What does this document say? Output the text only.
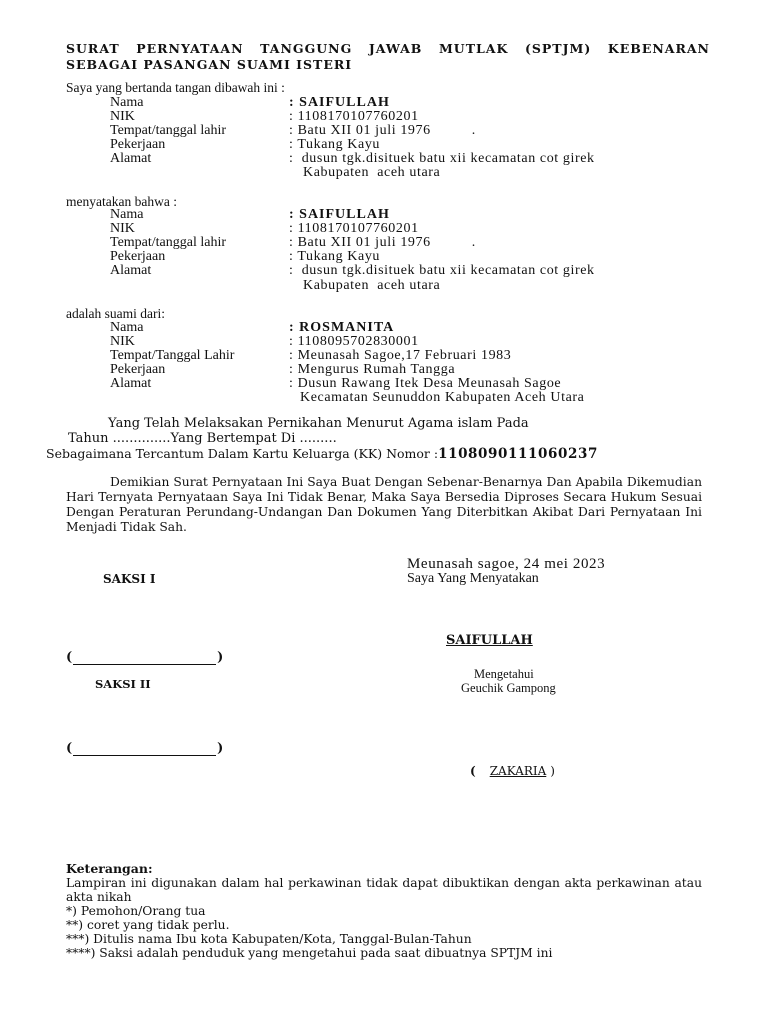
SURAT PERNYATAAN TANGGUNG JAWAB MUTLAK (SPTJM) KEBENARAN SEBAGAI PASANGAN SUAMI ISTERI
Saya yang bertanda tangan dibawah ini :
Nama	: SAIFULLAH
NIK	: 1108170107760201
Tempat/tanggal lahir	: Batu XII 01 juli 1976          .
Pekerjaan	: Tukang Kayu
Alamat	:  dusun tgk.disituek batu xii kecamatan cot girek
Kabupaten  aceh utara
menyatakan bahwa :
Nama	: SAIFULLAH
NIK	: 1108170107760201
Tempat/tanggal lahir	: Batu XII 01 juli 1976          .
Pekerjaan	: Tukang Kayu
Alamat	:  dusun tgk.disituek batu xii kecamatan cot girek
Kabupaten  aceh utara
adalah suami dari:
Nama	: ROSMANITA
NIK	: 1108095702830001
Tempat/Tanggal Lahir	: Meunasah Sagoe,17 Februari 1983
Pekerjaan	: Mengurus Rumah Tangga
Alamat	: Dusun Rawang Itek Desa Meunasah Sagoe
Kecamatan Seunuddon Kabupaten Aceh Utara
Yang Telah Melaksakan Pernikahan Menurut Agama islam Pada
Tahun ..............Yang Bertempat Di .........
Sebagaimana Tercantum Dalam Kartu Keluarga (KK) Nomor :1108090111060237
Demikian Surat Pernyataan Ini Saya Buat Dengan Sebenar-Benarnya Dan Apabila Dikemudian Hari Ternyata Pernyataan Saya Ini Tidak Benar, Maka Saya Bersedia Diproses Secara Hukum Sesuai Dengan Peraturan Perundang-Undangan Dan Dokumen Yang Diterbitkan Akibat Dari Pernyataan Ini Menjadi Tidak Sah.
Meunasah sagoe, 24 mei 2023
Saya Yang Menyatakan
SAKSI I
SAIFULLAH
(	)
Mengetahui
SAKSI II	Geuchik Gampong
(	)
( ZAKARIA )
Keterangan:
Lampiran ini digunakan dalam hal perkawinan tidak dapat dibuktikan dengan akta perkawinan atau akta nikah
*) Pemohon/Orang tua
**) coret yang tidak perlu.
***) Ditulis nama Ibu kota Kabupaten/Kota, Tanggal-Bulan-Tahun
****) Saksi adalah penduduk yang mengetahui pada saat dibuatnya SPTJM ini
